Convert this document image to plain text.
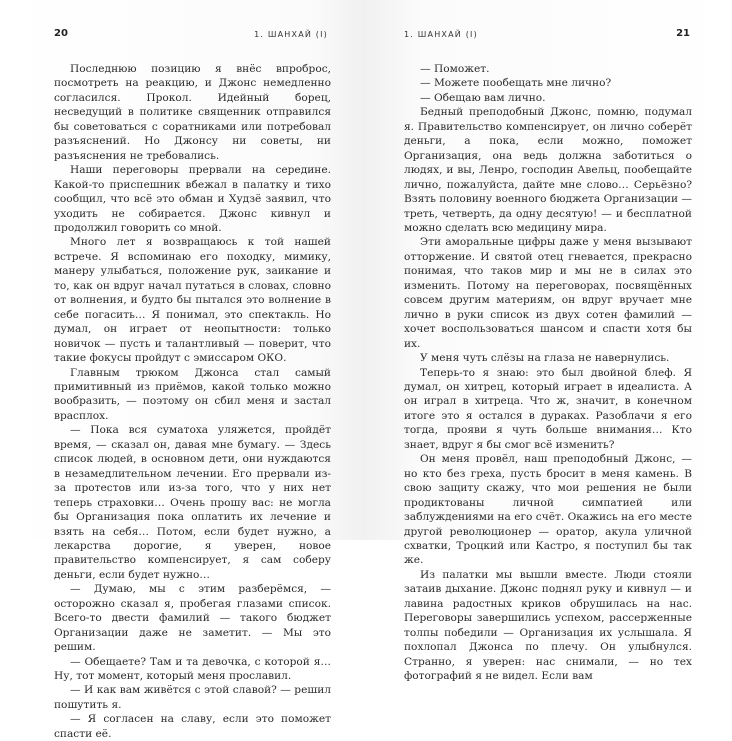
20	1. ШАНХАЙ (I)

Последнюю позицию я внёс впроброс, посмотреть на реакцию, и Джонс немедленно согласился. Прокол. Идейный борец, несведущий в политике священник отправился бы советоваться с соратниками или потребовал разъяснений. Но Джонсу ни советы, ни разъяснения не требовались.

Наши переговоры прервали на середине. Какой-то приспешник вбежал в палатку и тихо сообщил, что всё это обман и Худзё заявил, что уходить не собирается. Джонс кивнул и продолжил говорить со мной.

Много лет я возвращаюсь к той нашей встрече. Я вспоминаю его походку, мимику, манеру улыбаться, положение рук, заикание и то, как он вдруг начал путаться в словах, словно от волнения, и будто бы пытался это волнение в себе погасить… Я понимал, это спектакль. Но думал, он играет от неопытности: только новичок — пусть и талантливый — поверит, что такие фокусы пройдут с эмиссаром ОКО.

Главным трюком Джонса стал самый примитивный из приёмов, какой только можно вообразить, — поэтому он сбил меня и застал врасплох.

— Пока вся суматоха уляжется, пройдёт время, — сказал он, давая мне бумагу. — Здесь список людей, в основном дети, они нуждаются в незамедлительном лечении. Его прервали из-за протестов или из-за того, что у них нет теперь страховки… Очень прошу вас: не могла бы Организация пока оплатить их лечение и взять на себя… Потом, если будет нужно, а лекарства дорогие, я уверен, новое правительство компенсирует, я сам соберу деньги, если будет нужно…

— Думаю, мы с этим разберёмся, — осторожно сказал я, пробегая глазами список. Всего-то двести фамилий — такого бюджет Организации даже не заметит. — Мы это решим.

— Обещаете? Там и та девочка, с которой я… Ну, тот момент, который меня прославил.

— И как вам живётся с этой славой? — решил пошутить я.

— Я согласен на славу, если это поможет спасти её.

1. ШАНХАЙ (I)	21

— Поможет.

— Можете пообещать мне лично?

— Обещаю вам лично.

Бедный преподобный Джонс, помню, подумал я. Правительство компенсирует, он лично соберёт деньги, а пока, если можно, поможет Организация, она ведь должна заботиться о людях, и вы, Ленро, господин Авельц, пообещайте лично, пожалуйста, дайте мне слово… Серьёзно? Взять половину военного бюджета Организации — треть, четверть, да одну десятую! — и бесплатной можно сделать всю медицину мира.

Эти аморальные цифры даже у меня вызывают отторжение. И святой отец гневается, прекрасно понимая, что таков мир и мы не в силах это изменить. Потому на переговорах, посвящённых совсем другим материям, он вдруг вручает мне лично в руки список из двух сотен фамилий — хочет воспользоваться шансом и спасти хотя бы их.

У меня чуть слёзы на глаза не навернулись.

Теперь-то я знаю: это был двойной блеф. Я думал, он хитрец, который играет в идеалиста. А он играл в хитреца. Что ж, значит, в конечном итоге это я остался в дураках. Разоблачи я его тогда, прояви я чуть больше внимания… Кто знает, вдруг я бы смог всё изменить?

Он меня провёл, наш преподобный Джонс, — но кто без греха, пусть бросит в меня камень. В свою защиту скажу, что мои решения не были продиктованы личной симпатией или заблуждениями на его счёт. Окажись на его месте другой революционер — оратор, акула уличной схватки, Троцкий или Кастро, я поступил бы так же.

Из палатки мы вышли вместе. Люди стояли затаив дыхание. Джонс поднял руку и кивнул — и лавина радостных криков обрушилась на нас. Переговоры завершились успехом, рассерженные толпы победили — Организация их услышала. Я похлопал Джонса по плечу. Он улыбнулся. Странно, я уверен: нас снимали, — но тех фотографий я не видел. Если вам
